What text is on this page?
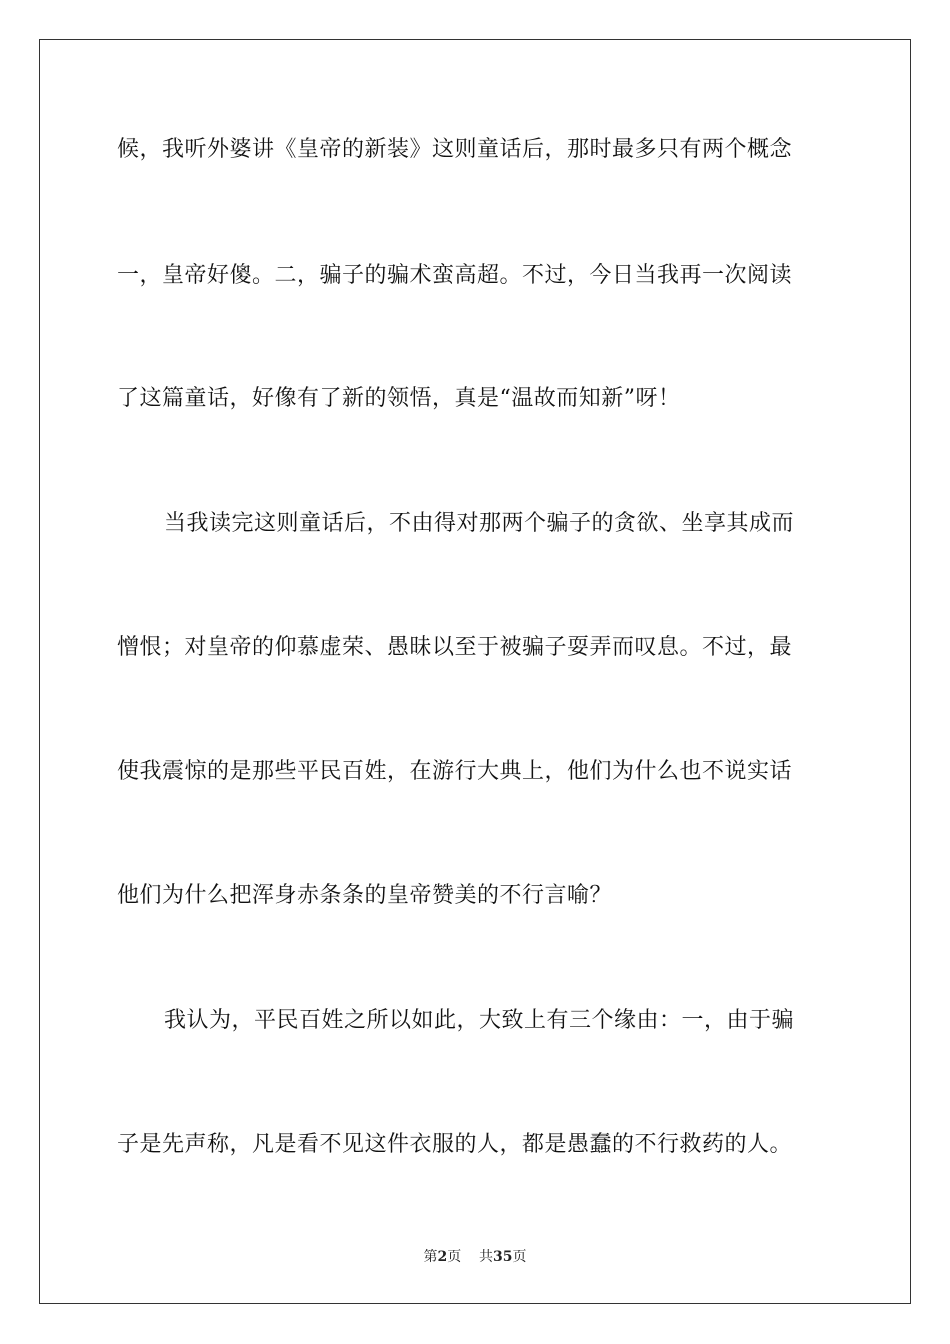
候，我听外婆讲《皇帝的新装》这则童话后，那时最多只有两个概念
一，皇帝好傻。二，骗子的骗术蛮高超。不过，今日当我再一次阅读
了这篇童话，好像有了新的领悟，真是“温故而知新”呀！
当我读完这则童话后，不由得对那两个骗子的贪欲、坐享其成而
憎恨；对皇帝的仰慕虚荣、愚昧以至于被骗子耍弄而叹息。不过，最
使我震惊的是那些平民百姓，在游行大典上，他们为什么也不说实话
他们为什么把浑身赤条条的皇帝赞美的不行言喻？
我认为，平民百姓之所以如此，大致上有三个缘由：一，由于骗
子是先声称，凡是看不见这件衣服的人，都是愚蠢的不行救药的人。
第2页 共35页
